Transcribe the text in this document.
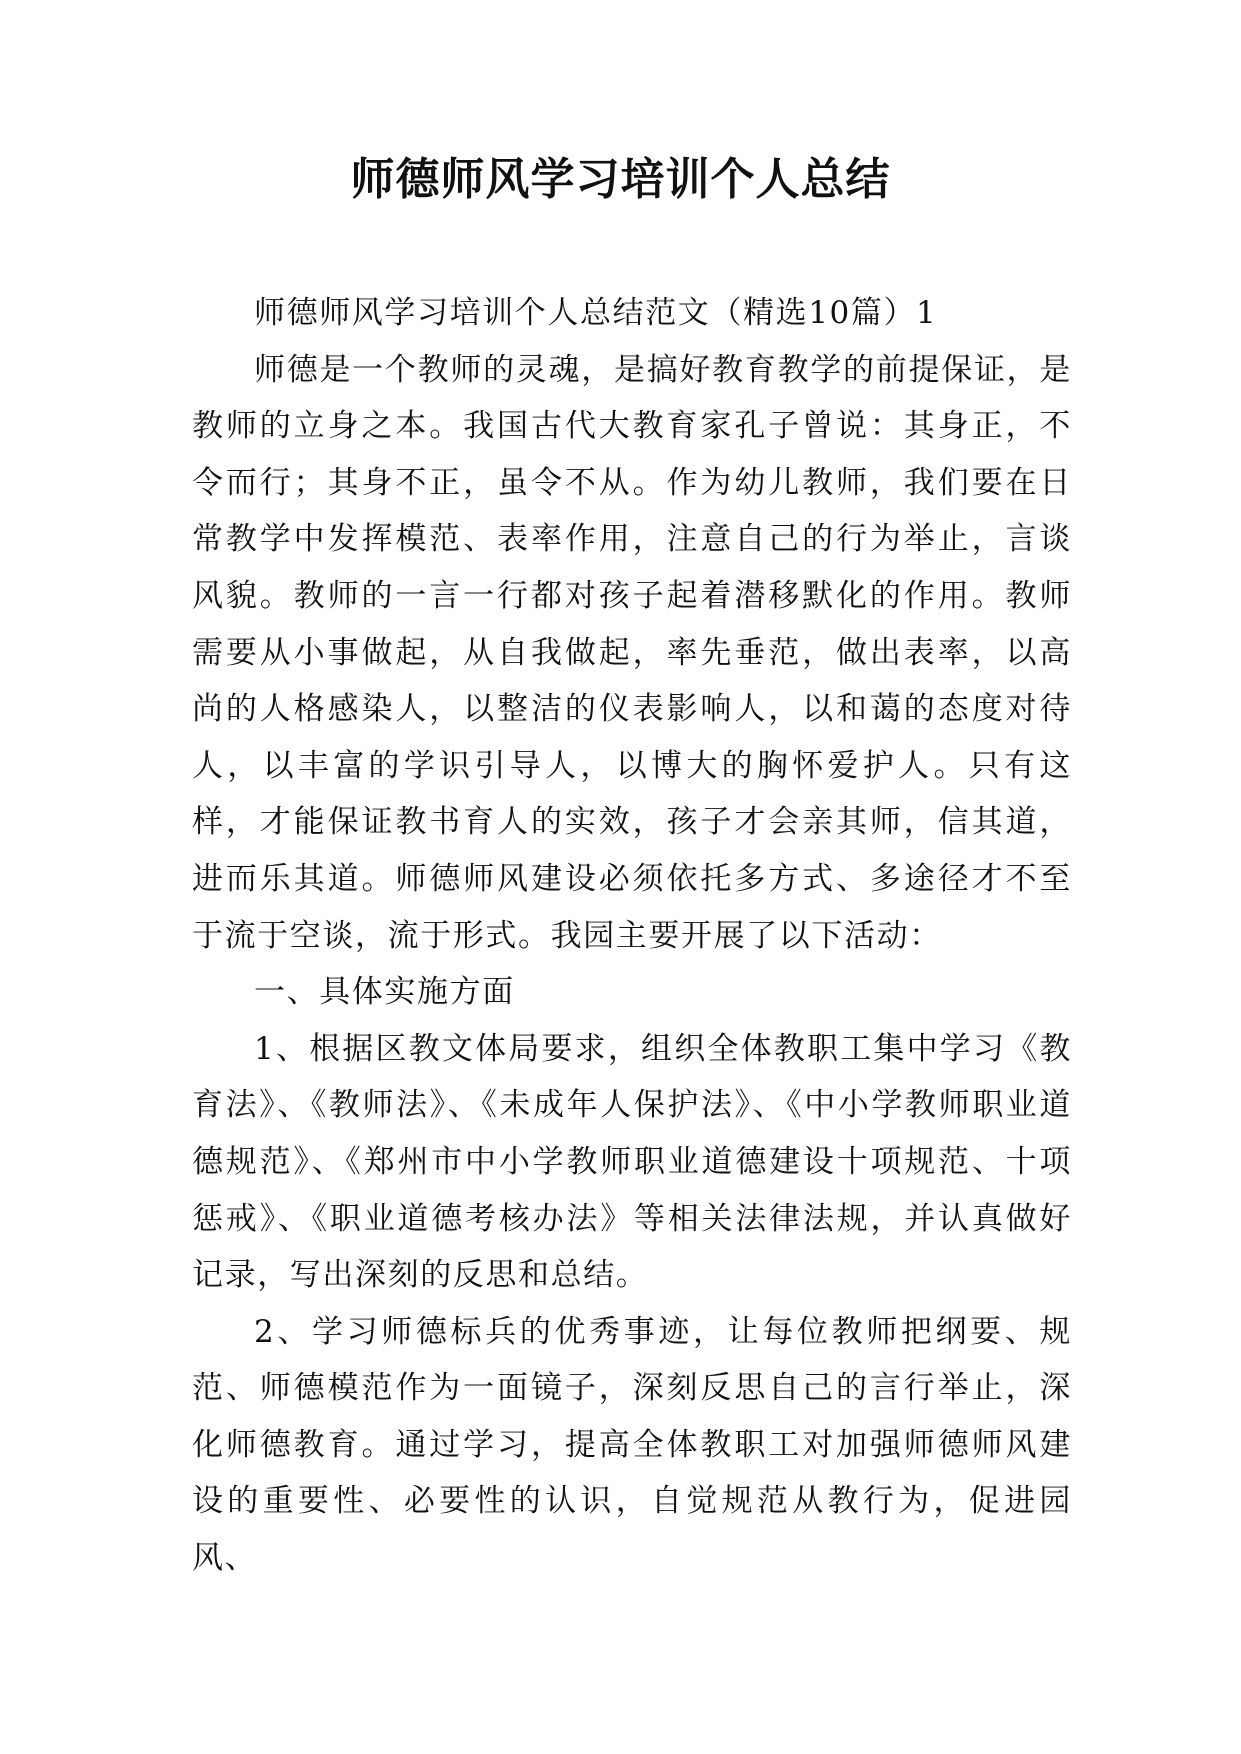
师德师风学习培训个人总结

师德师风学习培训个人总结范文（精选10篇）1

师德是一个教师的灵魂，是搞好教育教学的前提保证，是教师的立身之本。我国古代大教育家孔子曾说：其身正，不令而行；其身不正，虽令不从。作为幼儿教师，我们要在日常教学中发挥模范、表率作用，注意自己的行为举止，言谈风貌。教师的一言一行都对孩子起着潜移默化的作用。教师需要从小事做起，从自我做起，率先垂范，做出表率，以高尚的人格感染人，以整洁的仪表影响人，以和蔼的态度对待人，以丰富的学识引导人，以博大的胸怀爱护人。只有这样，才能保证教书育人的实效，孩子才会亲其师，信其道，进而乐其道。师德师风建设必须依托多方式、多途径才不至于流于空谈，流于形式。我园主要开展了以下活动：

一、具体实施方面

1、根据区教文体局要求，组织全体教职工集中学习《教育法》、《教师法》、《未成年人保护法》、《中小学教师职业道德规范》、《郑州市中小学教师职业道德建设十项规范、十项惩戒》、《职业道德考核办法》等相关法律法规，并认真做好记录，写出深刻的反思和总结。

2、学习师德标兵的优秀事迹，让每位教师把纲要、规范、师德模范作为一面镜子，深刻反思自己的言行举止，深化师德教育。通过学习，提高全体教职工对加强师德师风建设的重要性、必要性的认识，自觉规范从教行为，促进园风、
